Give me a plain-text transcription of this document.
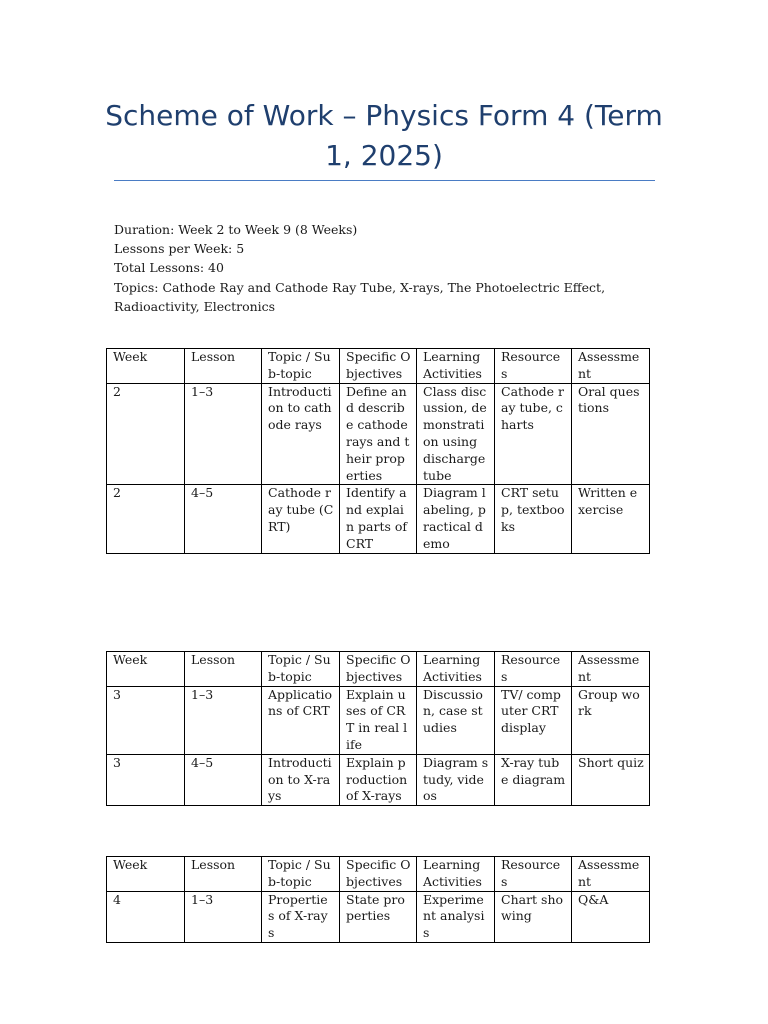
Scheme of Work – Physics Form 4 (Term 1, 2025)
Duration: Week 2 to Week 9 (8 Weeks)
Lessons per Week: 5
Total Lessons: 40
Topics: Cathode Ray and Cathode Ray Tube, X-rays, The Photoelectric Effect, Radioactivity, Electronics
Week	Lesson	Topic / Sub-topic	Specific Objectives	Learning Activities	Resources	Assessment
2	1–3	Introduction to cathode rays	Define and describe cathode rays and their properties	Class discussion, demonstration using discharge tube	Cathode ray tube, charts	Oral questions
2	4–5	Cathode ray tube (CRT)	Identify and explain parts of CRT	Diagram labeling, practical demo	CRT setup, textbooks	Written exercise
Week	Lesson	Topic / Sub-topic	Specific Objectives	Learning Activities	Resources	Assessment
3	1–3	Applications of CRT	Explain uses of CRT in real life	Discussion, case studies	TV/ computer CRT display	Group work
3	4–5	Introduction to X-rays	Explain production of X-rays	Diagram study, videos	X-ray tube diagram	Short quiz
Week	Lesson	Topic / Sub-topic	Specific Objectives	Learning Activities	Resources	Assessment
4	1–3	Properties of X-rays	State properties	Experiment analysis	Chart showing	Q&A
